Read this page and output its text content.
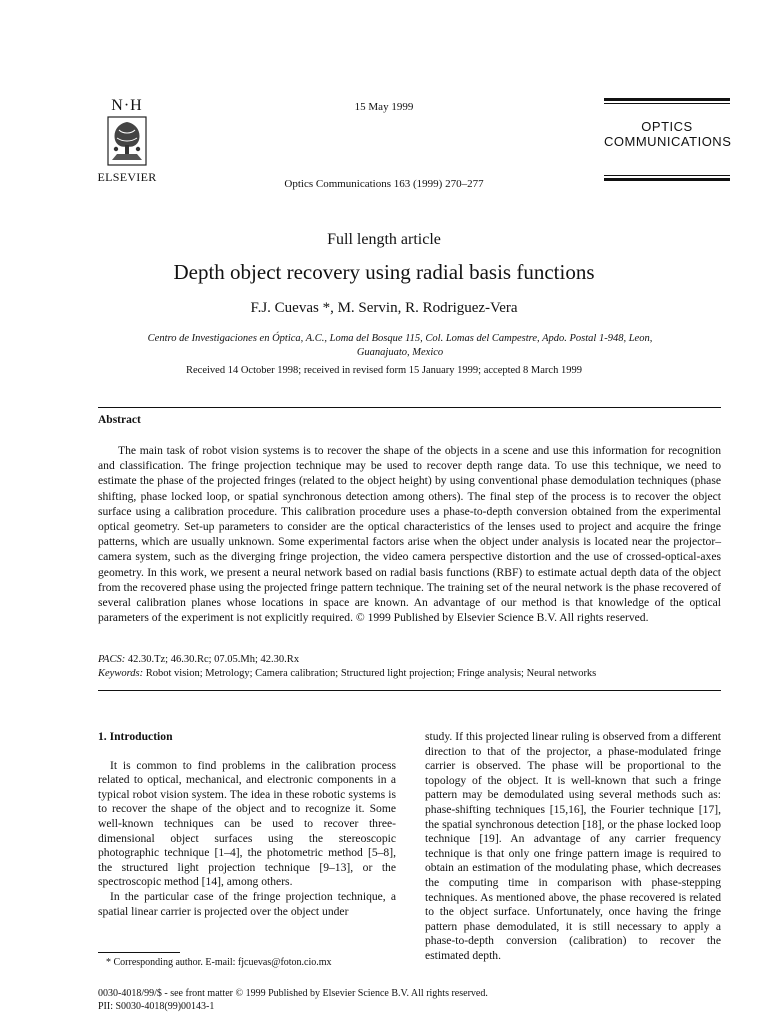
N·H
ELSEVIER
15 May 1999
Optics Communications 163 (1999) 270–277
OPTICS
COMMUNICATIONS
Full length article
Depth object recovery using radial basis functions
F.J. Cuevas *, M. Servin, R. Rodriguez-Vera
Centro de Investigaciones en Óptica, A.C., Loma del Bosque 115, Col. Lomas del Campestre, Apdo. Postal 1-948, Leon, Guanajuato, Mexico
Received 14 October 1998; received in revised form 15 January 1999; accepted 8 March 1999
Abstract
The main task of robot vision systems is to recover the shape of the objects in a scene and use this information for recognition and classification. The fringe projection technique may be used to recover depth range data. To use this technique, we need to estimate the phase of the projected fringes (related to the object height) by using conventional phase demodulation techniques (phase shifting, phase locked loop, or spatial synchronous detection among others). The final step of the process is to recover the object surface using a calibration procedure. This calibration procedure uses a phase-to-depth conversion obtained from the experimental optical geometry. Set-up parameters to consider are the optical characteristics of the lenses used to project and acquire the fringe patterns, which are usually unknown. Some experimental factors arise when the object under analysis is located near the projector–camera system, such as the diverging fringe projection, the video camera perspective distortion and the use of crossed-optical-axes geometry. In this work, we present a neural network based on radial basis functions (RBF) to estimate actual depth data of the object from the recovered phase using the projected fringe pattern technique. The training set of the neural network is the phase recovered of several calibration planes whose locations in space are known. An advantage of our method is that knowledge of the optical parameters of the experiment is not explicitly required. © 1999 Published by Elsevier Science B.V. All rights reserved.
PACS: 42.30.Tz; 46.30.Rc; 07.05.Mh; 42.30.Rx
Keywords: Robot vision; Metrology; Camera calibration; Structured light projection; Fringe analysis; Neural networks
1. Introduction

It is common to find problems in the calibration process related to optical, mechanical, and electronic components in a typical robot vision system. The idea in these robotic systems is to recover the shape of the object and to recognize it. Some well-known techniques can be used to recover three-dimensional object surfaces using the stereoscopic photographic technique [1–4], the photometric method [5–8], the structured light projection technique [9–13], or the spectroscopic method [14], among others.

In the particular case of the fringe projection technique, a spatial linear carrier is projected over the object under

study. If this projected linear ruling is observed from a different direction to that of the projector, a phase-modulated fringe carrier is observed. The phase will be proportional to the topology of the object. It is well-known that such a fringe pattern may be demodulated using several methods such as: phase-shifting techniques [15,16], the Fourier technique [17], the spatial synchronous detection [18], or the phase locked loop technique [19]. An advantage of any carrier frequency technique is that only one fringe pattern image is required to obtain an estimation of the modulating phase, which decreases the computing time in comparison with phase-stepping techniques. As mentioned above, the phase recovered is related to the object surface. Unfortunately, once having the fringe pattern phase demodulated, it is still necessary to apply a phase-to-depth conversion (calibration) to recover the estimated depth.

* Corresponding author. E-mail: fjcuevas@foton.cio.mx
0030-4018/99/$ - see front matter © 1999 Published by Elsevier Science B.V. All rights reserved.
PII: S0030-4018(99)00143-1
